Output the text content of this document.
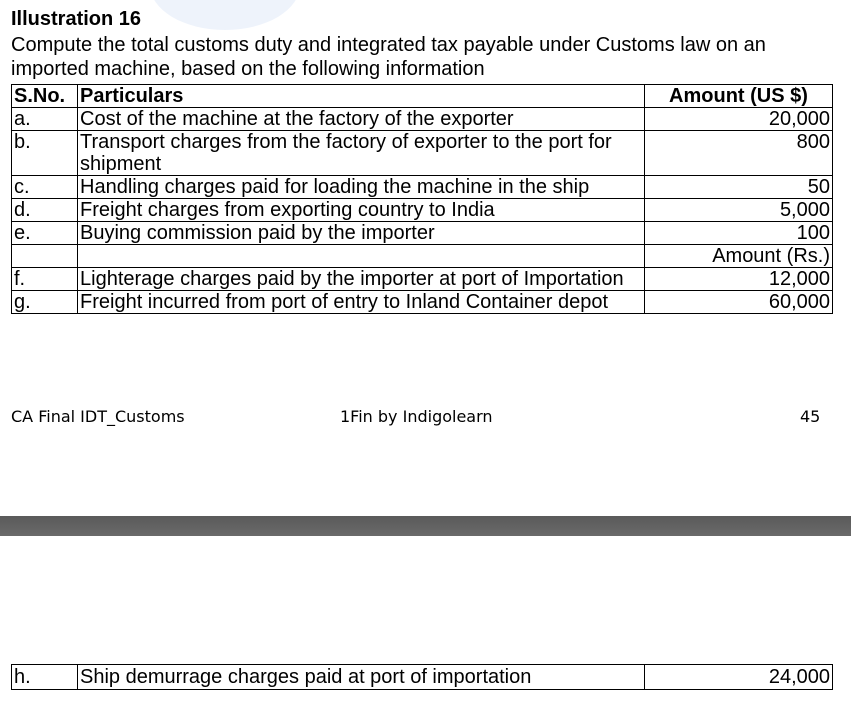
Illustration 16
Compute the total customs duty and integrated tax payable under Customs law on an imported machine, based on the following information
S.No.	Particulars	Amount (US $)
a.	Cost of the machine at the factory of the exporter	20,000
b.	Transport charges from the factory of exporter to the port for shipment	800
c.	Handling charges paid for loading the machine in the ship	50
d.	Freight charges from exporting country to India	5,000
e.	Buying commission paid by the importer	100
		Amount (Rs.)
f.	Lighterage charges paid by the importer at port of Importation	12,000
g.	Freight incurred from port of entry to Inland Container depot	60,000
CA Final IDT_Customs	1Fin by Indigolearn	45
h.	Ship demurrage charges paid at port of importation	24,000
